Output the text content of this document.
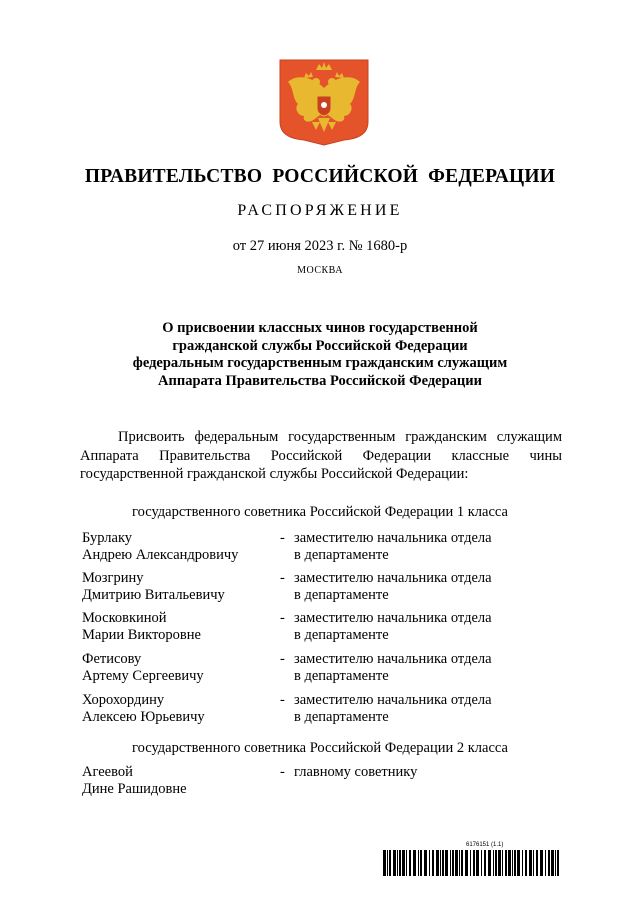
ПРАВИТЕЛЬСТВО РОССИЙСКОЙ ФЕДЕРАЦИИ
РАСПОРЯЖЕНИЕ
от 27 июня 2023 г. № 1680-р
МОСКВА
О присвоении классных чинов государственной
гражданской службы Российской Федерации
федеральным государственным гражданским служащим
Аппарата Правительства Российской Федерации
Присвоить федеральным государственным гражданским служащим
Аппарата Правительства Российской Федерации классные чины
государственной гражданской службы Российской Федерации:
государственного советника Российской Федерации 1 класса
Бурлаку
Андрею Александровичу
- заместителю начальника отдела
в департаменте
Мозгрину
Дмитрию Витальевичу
- заместителю начальника отдела
в департаменте
Московкиной
Марии Викторовне
- заместителю начальника отдела
в департаменте
Фетисову
Артему Сергеевичу
- заместителю начальника отдела
в департаменте
Хорохордину
Алексею Юрьевичу
- заместителю начальника отдела
в департаменте
государственного советника Российской Федерации 2 класса
Агеевой
Дине Рашидовне
- главному советнику
6176151 (1.1)
